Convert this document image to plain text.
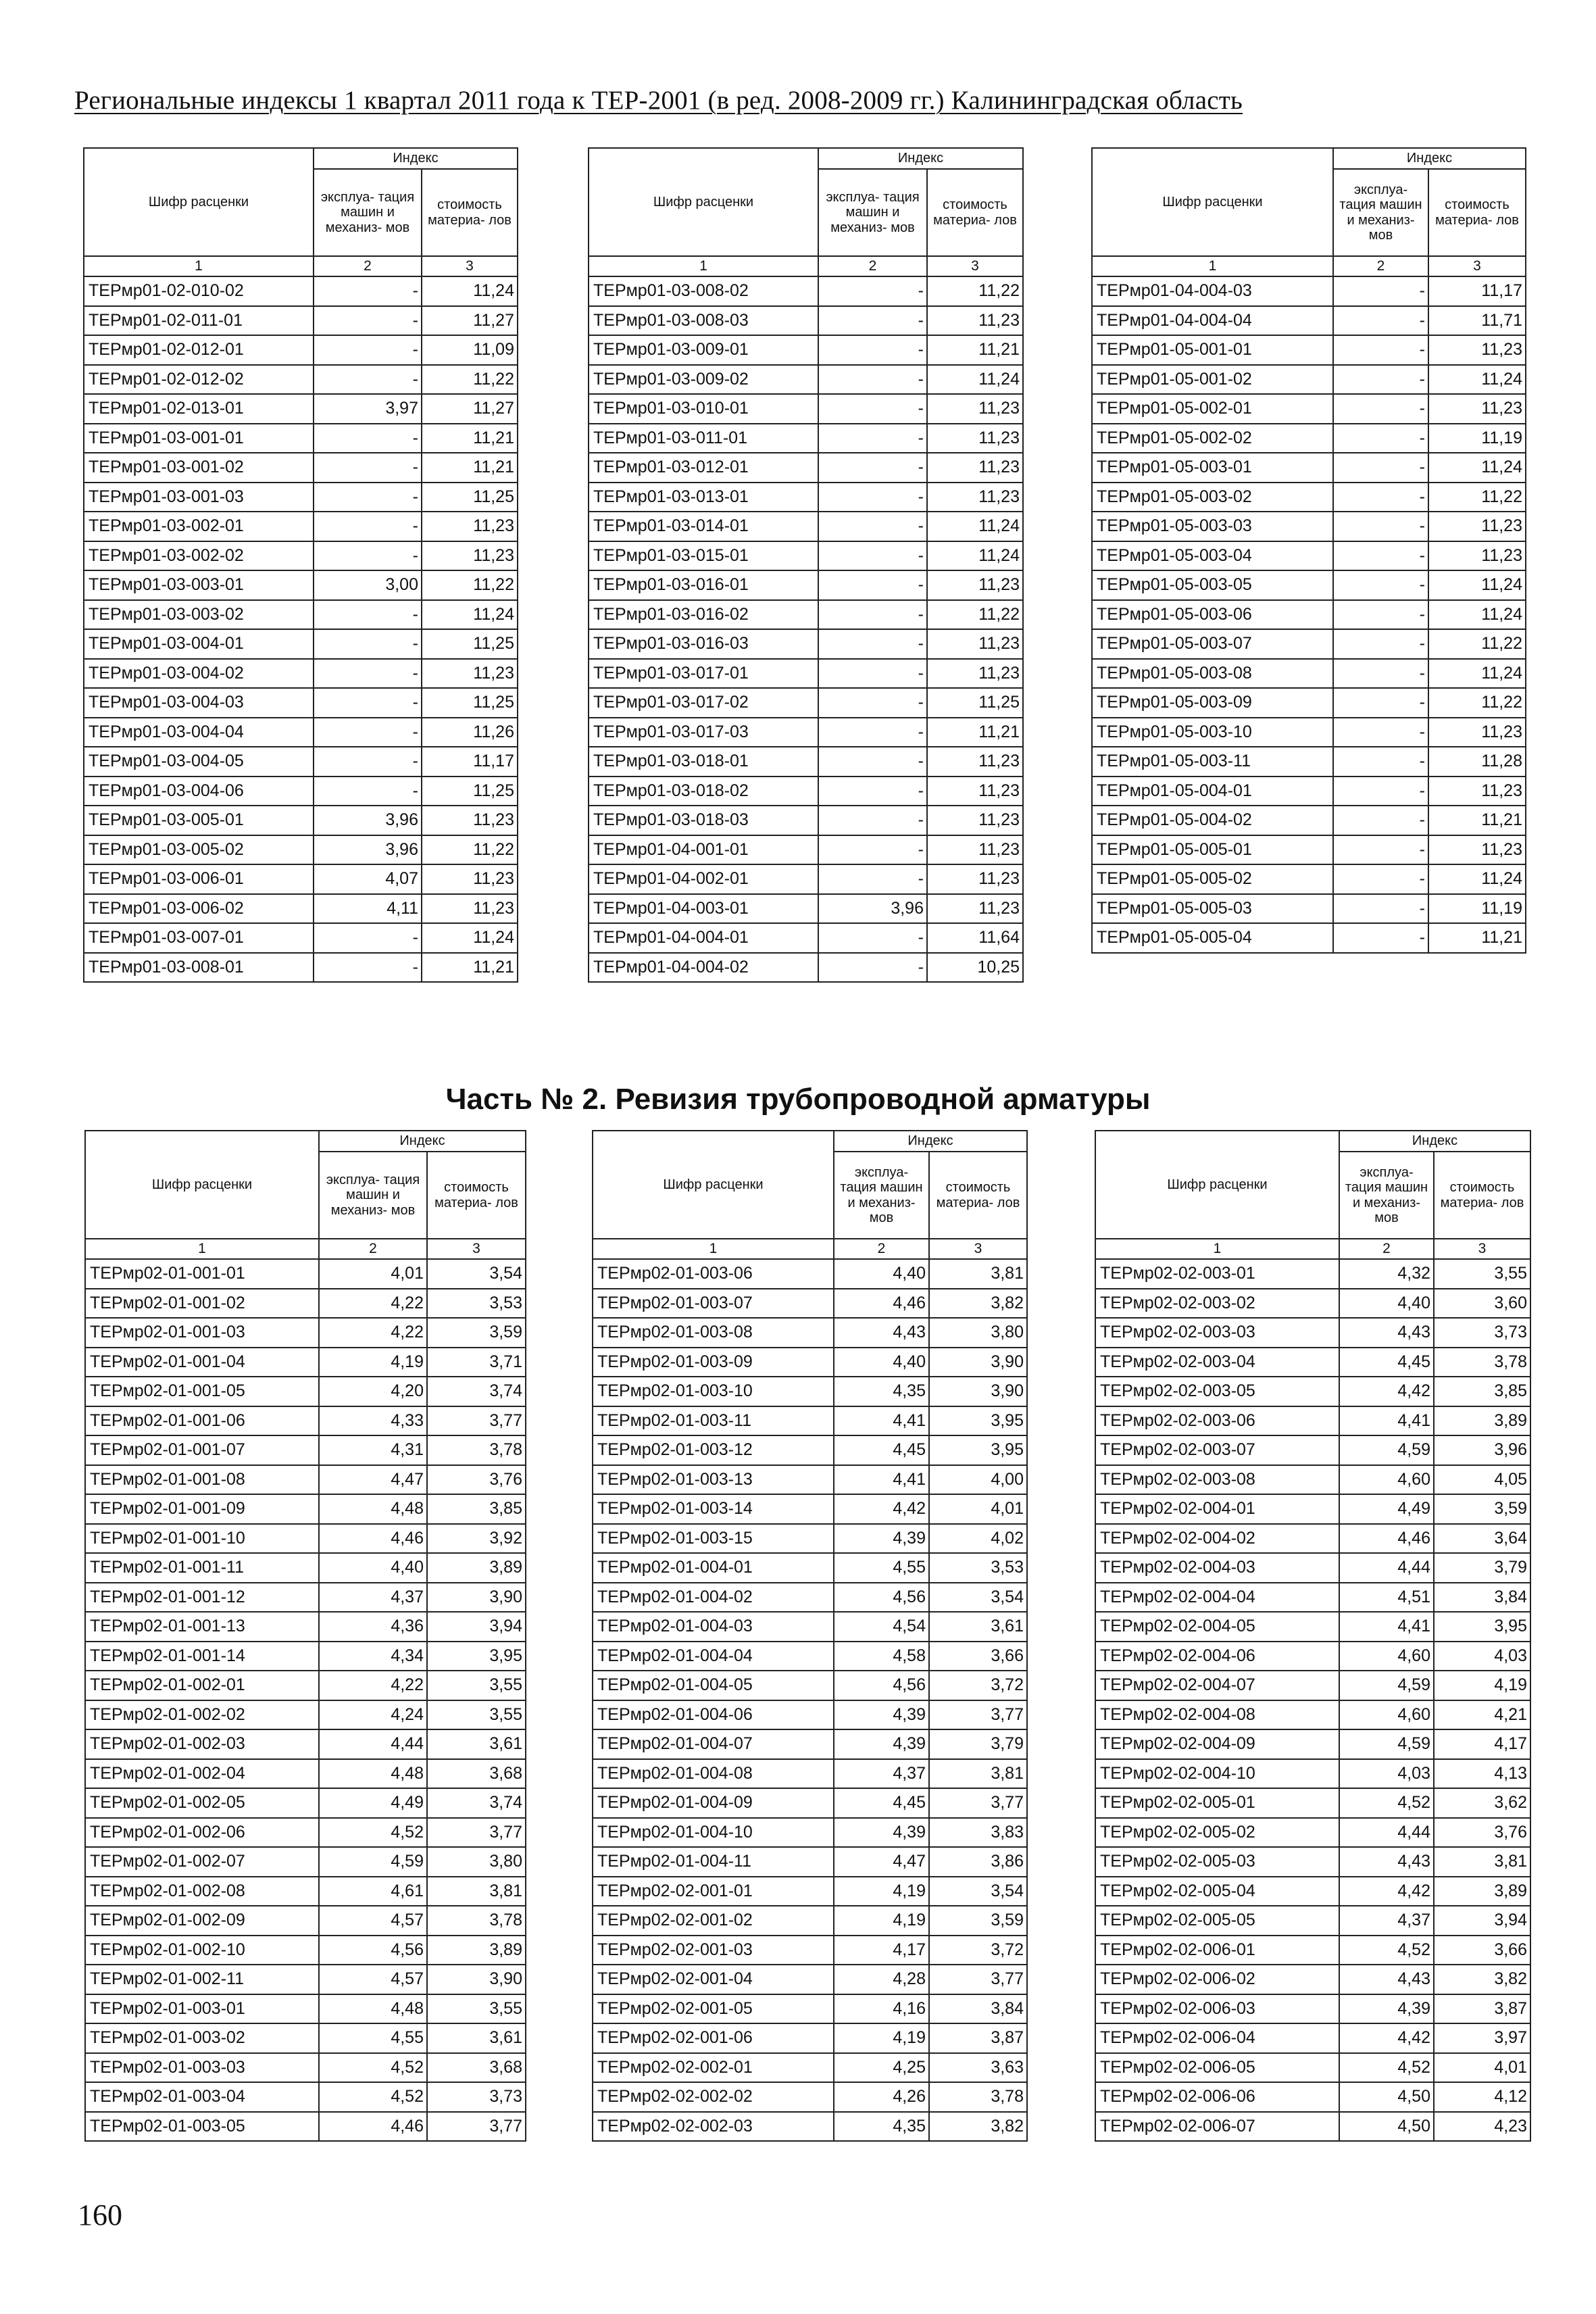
Региональные индексы 1 квартал 2011 года к ТЕР-2001 (в ред. 2008-2009 гг.) Калининградская область
Часть № 2. Ревизия трубопроводной арматуры
160
Шифр расценки	Индекс	
	эксплуа- тация машин и механиз- мов	стоимость материа- лов
1	2	3
ТЕРмр01-02-010-02	-	11,24
ТЕРмр01-02-011-01	-	11,27
ТЕРмр01-02-012-01	-	11,09
ТЕРмр01-02-012-02	-	11,22
ТЕРмр01-02-013-01	3,97	11,27
ТЕРмр01-03-001-01	-	11,21
ТЕРмр01-03-001-02	-	11,21
ТЕРмр01-03-001-03	-	11,25
ТЕРмр01-03-002-01	-	11,23
ТЕРмр01-03-002-02	-	11,23
ТЕРмр01-03-003-01	3,00	11,22
ТЕРмр01-03-003-02	-	11,24
ТЕРмр01-03-004-01	-	11,25
ТЕРмр01-03-004-02	-	11,23
ТЕРмр01-03-004-03	-	11,25
ТЕРмр01-03-004-04	-	11,26
ТЕРмр01-03-004-05	-	11,17
ТЕРмр01-03-004-06	-	11,25
ТЕРмр01-03-005-01	3,96	11,23
ТЕРмр01-03-005-02	3,96	11,22
ТЕРмр01-03-006-01	4,07	11,23
ТЕРмр01-03-006-02	4,11	11,23
ТЕРмр01-03-007-01	-	11,24
ТЕРмр01-03-008-01	-	11,21
Шифр расценки	Индекс	
	эксплуа- тация машин и механиз- мов	стоимость материа- лов
1	2	3
ТЕРмр01-03-008-02	-	11,22
ТЕРмр01-03-008-03	-	11,23
ТЕРмр01-03-009-01	-	11,21
ТЕРмр01-03-009-02	-	11,24
ТЕРмр01-03-010-01	-	11,23
ТЕРмр01-03-011-01	-	11,23
ТЕРмр01-03-012-01	-	11,23
ТЕРмр01-03-013-01	-	11,23
ТЕРмр01-03-014-01	-	11,24
ТЕРмр01-03-015-01	-	11,24
ТЕРмр01-03-016-01	-	11,23
ТЕРмр01-03-016-02	-	11,22
ТЕРмр01-03-016-03	-	11,23
ТЕРмр01-03-017-01	-	11,23
ТЕРмр01-03-017-02	-	11,25
ТЕРмр01-03-017-03	-	11,21
ТЕРмр01-03-018-01	-	11,23
ТЕРмр01-03-018-02	-	11,23
ТЕРмр01-03-018-03	-	11,23
ТЕРмр01-04-001-01	-	11,23
ТЕРмр01-04-002-01	-	11,23
ТЕРмр01-04-003-01	3,96	11,23
ТЕРмр01-04-004-01	-	11,64
ТЕРмр01-04-004-02	-	10,25
Шифр расценки	Индекс	
	эксплуа- тация машин и механиз- мов	стоимость материа- лов
1	2	3
ТЕРмр01-04-004-03	-	11,17
ТЕРмр01-04-004-04	-	11,71
ТЕРмр01-05-001-01	-	11,23
ТЕРмр01-05-001-02	-	11,24
ТЕРмр01-05-002-01	-	11,23
ТЕРмр01-05-002-02	-	11,19
ТЕРмр01-05-003-01	-	11,24
ТЕРмр01-05-003-02	-	11,22
ТЕРмр01-05-003-03	-	11,23
ТЕРмр01-05-003-04	-	11,23
ТЕРмр01-05-003-05	-	11,24
ТЕРмр01-05-003-06	-	11,24
ТЕРмр01-05-003-07	-	11,22
ТЕРмр01-05-003-08	-	11,24
ТЕРмр01-05-003-09	-	11,22
ТЕРмр01-05-003-10	-	11,23
ТЕРмр01-05-003-11	-	11,28
ТЕРмр01-05-004-01	-	11,23
ТЕРмр01-05-004-02	-	11,21
ТЕРмр01-05-005-01	-	11,23
ТЕРмр01-05-005-02	-	11,24
ТЕРмр01-05-005-03	-	11,19
ТЕРмр01-05-005-04	-	11,21
Шифр расценки	Индекс	
	эксплуа- тация машин и механиз- мов	стоимость материа- лов
1	2	3
ТЕРмр02-01-001-01	4,01	3,54
ТЕРмр02-01-001-02	4,22	3,53
ТЕРмр02-01-001-03	4,22	3,59
ТЕРмр02-01-001-04	4,19	3,71
ТЕРмр02-01-001-05	4,20	3,74
ТЕРмр02-01-001-06	4,33	3,77
ТЕРмр02-01-001-07	4,31	3,78
ТЕРмр02-01-001-08	4,47	3,76
ТЕРмр02-01-001-09	4,48	3,85
ТЕРмр02-01-001-10	4,46	3,92
ТЕРмр02-01-001-11	4,40	3,89
ТЕРмр02-01-001-12	4,37	3,90
ТЕРмр02-01-001-13	4,36	3,94
ТЕРмр02-01-001-14	4,34	3,95
ТЕРмр02-01-002-01	4,22	3,55
ТЕРмр02-01-002-02	4,24	3,55
ТЕРмр02-01-002-03	4,44	3,61
ТЕРмр02-01-002-04	4,48	3,68
ТЕРмр02-01-002-05	4,49	3,74
ТЕРмр02-01-002-06	4,52	3,77
ТЕРмр02-01-002-07	4,59	3,80
ТЕРмр02-01-002-08	4,61	3,81
ТЕРмр02-01-002-09	4,57	3,78
ТЕРмр02-01-002-10	4,56	3,89
ТЕРмр02-01-002-11	4,57	3,90
ТЕРмр02-01-003-01	4,48	3,55
ТЕРмр02-01-003-02	4,55	3,61
ТЕРмр02-01-003-03	4,52	3,68
ТЕРмр02-01-003-04	4,52	3,73
ТЕРмр02-01-003-05	4,46	3,77
Шифр расценки	Индекс	
	эксплуа- тация машин и механиз- мов	стоимость материа- лов
1	2	3
ТЕРмр02-01-003-06	4,40	3,81
ТЕРмр02-01-003-07	4,46	3,82
ТЕРмр02-01-003-08	4,43	3,80
ТЕРмр02-01-003-09	4,40	3,90
ТЕРмр02-01-003-10	4,35	3,90
ТЕРмр02-01-003-11	4,41	3,95
ТЕРмр02-01-003-12	4,45	3,95
ТЕРмр02-01-003-13	4,41	4,00
ТЕРмр02-01-003-14	4,42	4,01
ТЕРмр02-01-003-15	4,39	4,02
ТЕРмр02-01-004-01	4,55	3,53
ТЕРмр02-01-004-02	4,56	3,54
ТЕРмр02-01-004-03	4,54	3,61
ТЕРмр02-01-004-04	4,58	3,66
ТЕРмр02-01-004-05	4,56	3,72
ТЕРмр02-01-004-06	4,39	3,77
ТЕРмр02-01-004-07	4,39	3,79
ТЕРмр02-01-004-08	4,37	3,81
ТЕРмр02-01-004-09	4,45	3,77
ТЕРмр02-01-004-10	4,39	3,83
ТЕРмр02-01-004-11	4,47	3,86
ТЕРмр02-02-001-01	4,19	3,54
ТЕРмр02-02-001-02	4,19	3,59
ТЕРмр02-02-001-03	4,17	3,72
ТЕРмр02-02-001-04	4,28	3,77
ТЕРмр02-02-001-05	4,16	3,84
ТЕРмр02-02-001-06	4,19	3,87
ТЕРмр02-02-002-01	4,25	3,63
ТЕРмр02-02-002-02	4,26	3,78
ТЕРмр02-02-002-03	4,35	3,82
Шифр расценки	Индекс	
	эксплуа- тация машин и механиз- мов	стоимость материа- лов
1	2	3
ТЕРмр02-02-003-01	4,32	3,55
ТЕРмр02-02-003-02	4,40	3,60
ТЕРмр02-02-003-03	4,43	3,73
ТЕРмр02-02-003-04	4,45	3,78
ТЕРмр02-02-003-05	4,42	3,85
ТЕРмр02-02-003-06	4,41	3,89
ТЕРмр02-02-003-07	4,59	3,96
ТЕРмр02-02-003-08	4,60	4,05
ТЕРмр02-02-004-01	4,49	3,59
ТЕРмр02-02-004-02	4,46	3,64
ТЕРмр02-02-004-03	4,44	3,79
ТЕРмр02-02-004-04	4,51	3,84
ТЕРмр02-02-004-05	4,41	3,95
ТЕРмр02-02-004-06	4,60	4,03
ТЕРмр02-02-004-07	4,59	4,19
ТЕРмр02-02-004-08	4,60	4,21
ТЕРмр02-02-004-09	4,59	4,17
ТЕРмр02-02-004-10	4,03	4,13
ТЕРмр02-02-005-01	4,52	3,62
ТЕРмр02-02-005-02	4,44	3,76
ТЕРмр02-02-005-03	4,43	3,81
ТЕРмр02-02-005-04	4,42	3,89
ТЕРмр02-02-005-05	4,37	3,94
ТЕРмр02-02-006-01	4,52	3,66
ТЕРмр02-02-006-02	4,43	3,82
ТЕРмр02-02-006-03	4,39	3,87
ТЕРмр02-02-006-04	4,42	3,97
ТЕРмр02-02-006-05	4,52	4,01
ТЕРмр02-02-006-06	4,50	4,12
ТЕРмр02-02-006-07	4,50	4,23
